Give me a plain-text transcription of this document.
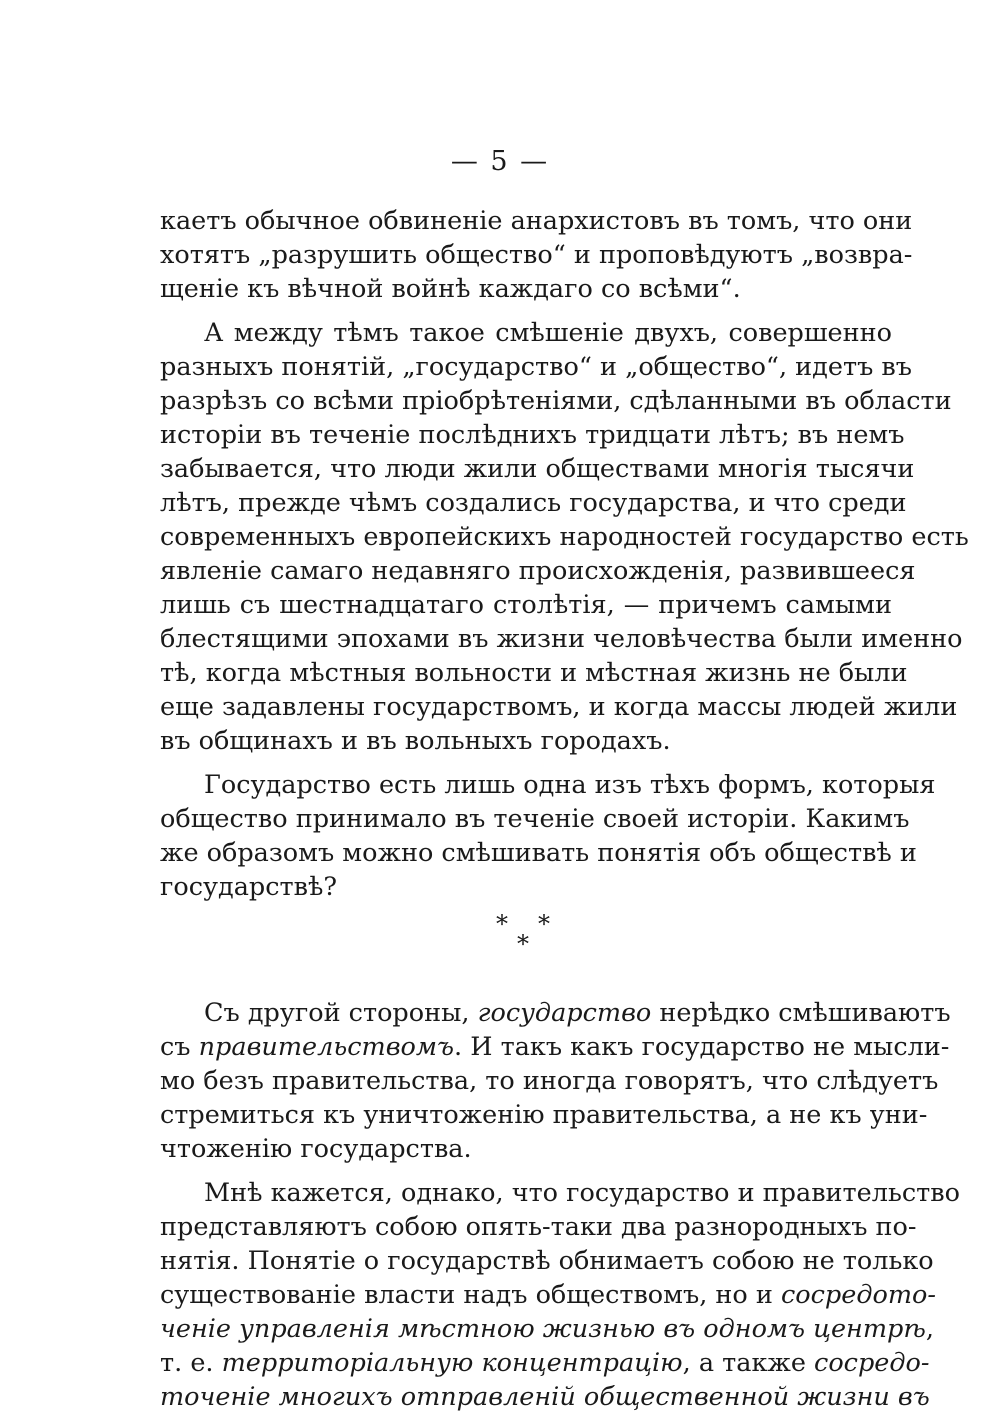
— 5 —
каетъ обычное обвиненіе анархистовъ въ томъ, что они
хотятъ „разрушить общество“ и проповѣдуютъ „возвра-
щеніе къ вѣчной войнѣ каждаго со всѣми“.
А между тѣмъ такое смѣшеніе двухъ, совершенно
разныхъ понятій, „государство“ и „общество“, идетъ въ
разрѣзъ со всѣми пріобрѣтеніями, сдѣланными въ области
исторіи въ теченіе послѣднихъ тридцати лѣтъ; въ немъ
забывается, что люди жили обществами многія тысячи
лѣтъ, прежде чѣмъ создались государства, и что среди
современныхъ европейскихъ народностей государство есть
явленіе самаго недавняго происхожденія, развившееся
лишь съ шестнадцатаго столѣтія, — причемъ самыми
блестящими эпохами въ жизни человѣчества были именно
тѣ, когда мѣстныя вольности и мѣстная жизнь не были
еще задавлены государствомъ, и когда массы людей жили
въ общинахъ и въ вольныхъ городахъ.
Государство есть лишь одна изъ тѣхъ формъ, которыя
общество принимало въ теченіе своей исторіи. Какимъ
же образомъ можно смѣшивать понятія объ обществѣ и
государствѣ?
* *
*
Съ другой стороны, государство нерѣдко смѣшиваютъ
съ правительствомъ. И такъ какъ государство не мысли-
мо безъ правительства, то иногда говорятъ, что слѣдуетъ
стремиться къ уничтоженію правительства, а не къ уни-
чтоженію государства.
Мнѣ кажется, однако, что государство и правительство
представляютъ собою опять-таки два разнородныхъ по-
нятія. Понятіе о государствѣ обнимаетъ собою не только
существованіе власти надъ обществомъ, но и сосредото-
ченіе управленія мѣстною жизнью въ одномъ центрѣ,
т. е. территоріальную концентрацію, а также сосредо-
точеніе многихъ отправленій общественной жизни въ
